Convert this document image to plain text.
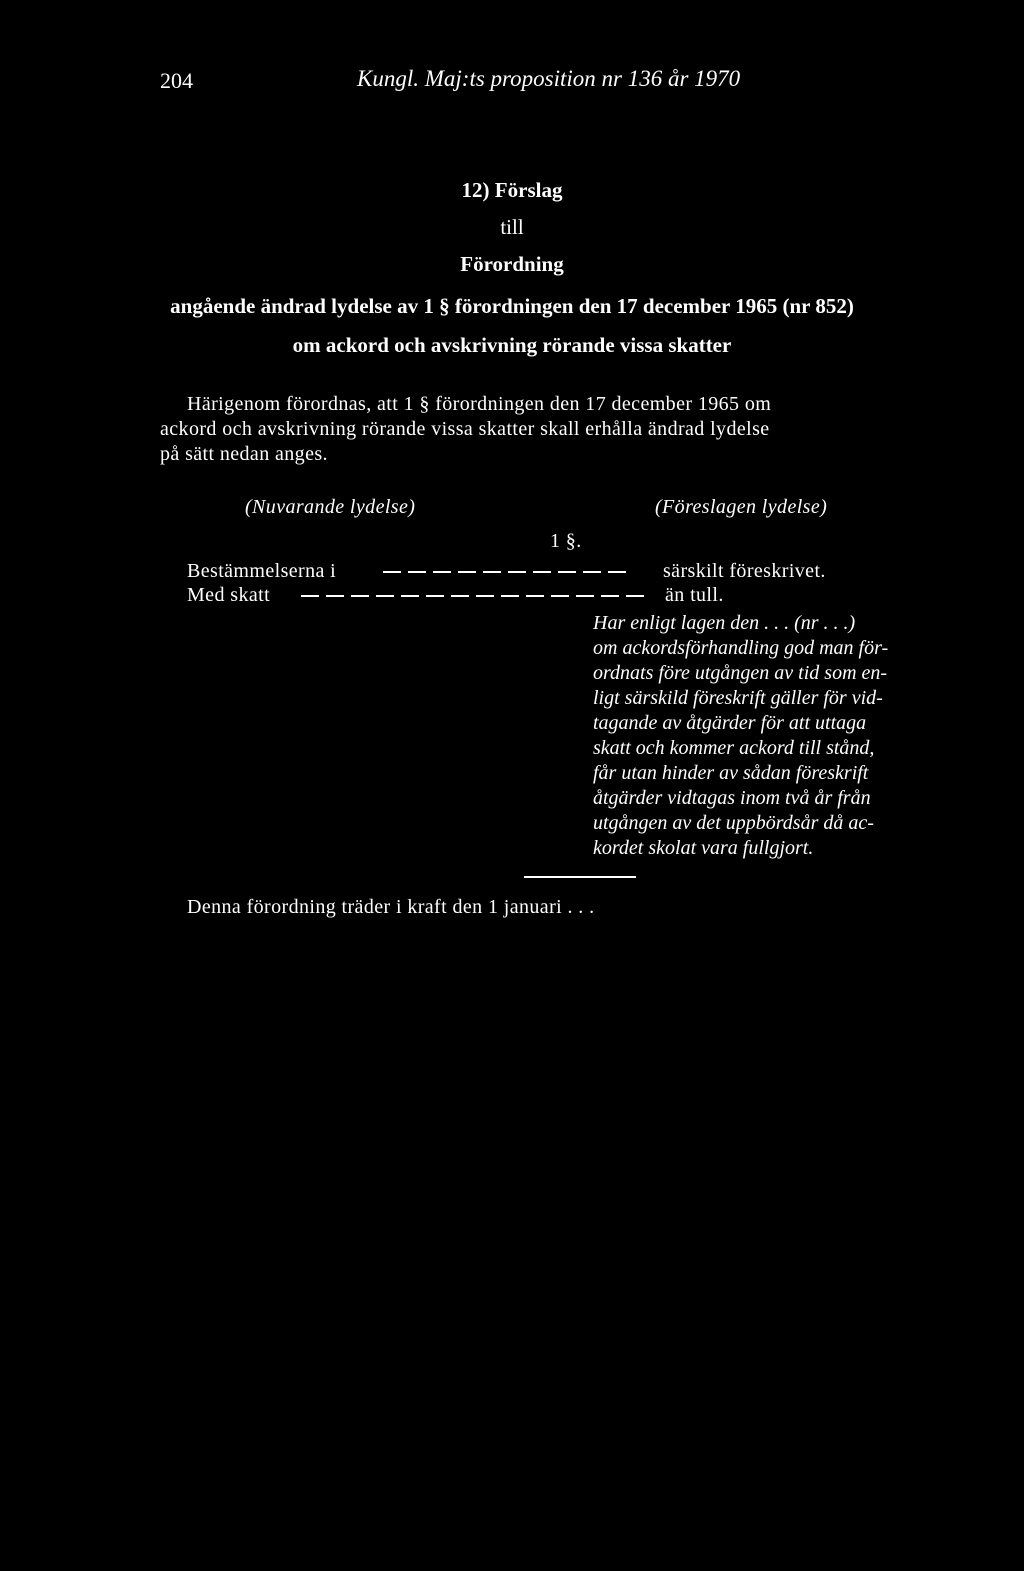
204	Kungl. Maj:ts proposition nr 136 år 1970
12) Förslag
till
Förordning
angående ändrad lydelse av 1 § förordningen den 17 december 1965 (nr 852)
om ackord och avskrivning rörande vissa skatter
Härigenom förordnas, att 1 § förordningen den 17 december 1965 om
ackord och avskrivning rörande vissa skatter skall erhålla ändrad lydelse
på sätt nedan anges.
(Nuvarande lydelse)	(Föreslagen lydelse)
1 §.
Bestämmelserna i	särskilt föreskrivet.
Med skatt	än tull.
Har enligt lagen den . . . (nr . . .)
om ackordsförhandling god man för-
ordnats före utgången av tid som en-
ligt särskild föreskrift gäller för vid-
tagande av åtgärder för att uttaga
skatt och kommer ackord till stånd,
får utan hinder av sådan föreskrift
åtgärder vidtagas inom två år från
utgången av det uppbördsår då ac-
kordet skolat vara fullgjort.
Denna förordning träder i kraft den 1 januari . . .
